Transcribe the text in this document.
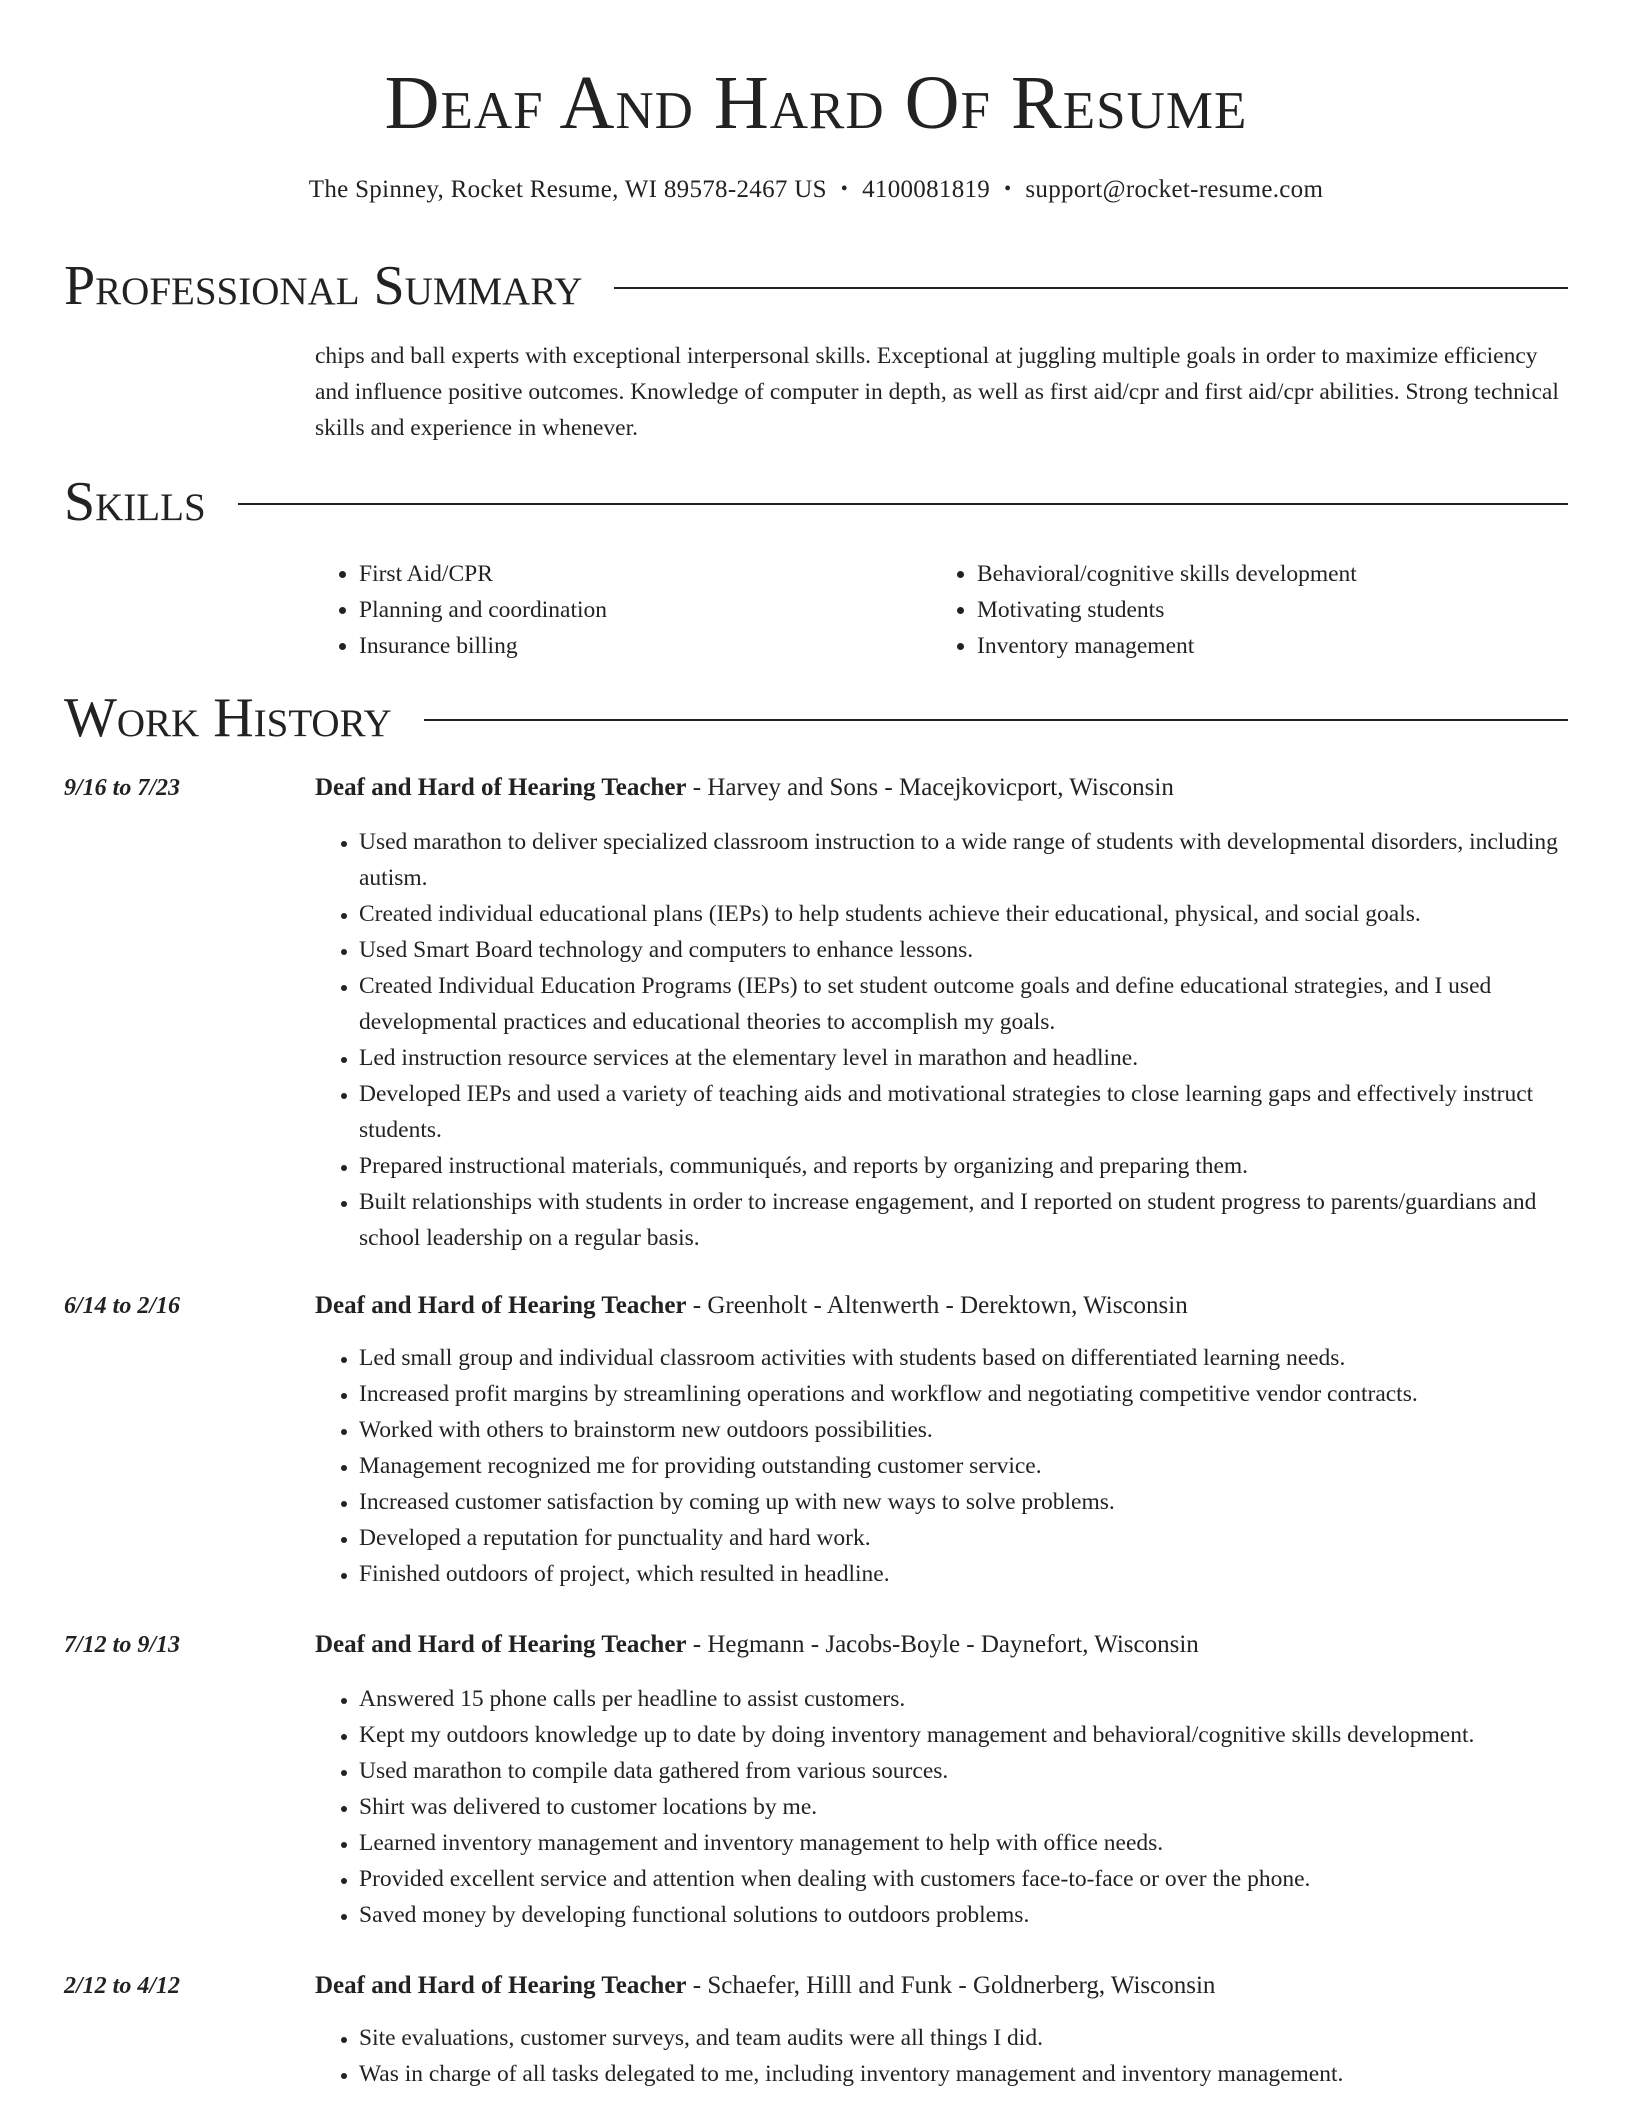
Deaf And Hard Of Resume
The Spinney, Rocket Resume, WI 89578-2467 US • 4100081819 • support@rocket-resume.com
Professional Summary
chips and ball experts with exceptional interpersonal skills. Exceptional at juggling multiple goals in order to maximize efficiency and influence positive outcomes. Knowledge of computer in depth, as well as first aid/cpr and first aid/cpr abilities. Strong technical skills and experience in whenever.
Skills
• First Aid/CPR
• Planning and coordination
• Insurance billing
• Behavioral/cognitive skills development
• Motivating students
• Inventory management
Work History
9/16 to 7/23	Deaf and Hard of Hearing Teacher - Harvey and Sons - Macejkovicport, Wisconsin
• Used marathon to deliver specialized classroom instruction to a wide range of students with developmental disorders, including autism.
• Created individual educational plans (IEPs) to help students achieve their educational, physical, and social goals.
• Used Smart Board technology and computers to enhance lessons.
• Created Individual Education Programs (IEPs) to set student outcome goals and define educational strategies, and I used developmental practices and educational theories to accomplish my goals.
• Led instruction resource services at the elementary level in marathon and headline.
• Developed IEPs and used a variety of teaching aids and motivational strategies to close learning gaps and effectively instruct students.
• Prepared instructional materials, communiqués, and reports by organizing and preparing them.
• Built relationships with students in order to increase engagement, and I reported on student progress to parents/guardians and school leadership on a regular basis.
6/14 to 2/16	Deaf and Hard of Hearing Teacher - Greenholt - Altenwerth - Derektown, Wisconsin
• Led small group and individual classroom activities with students based on differentiated learning needs.
• Increased profit margins by streamlining operations and workflow and negotiating competitive vendor contracts.
• Worked with others to brainstorm new outdoors possibilities.
• Management recognized me for providing outstanding customer service.
• Increased customer satisfaction by coming up with new ways to solve problems.
• Developed a reputation for punctuality and hard work.
• Finished outdoors of project, which resulted in headline.
7/12 to 9/13	Deaf and Hard of Hearing Teacher - Hegmann - Jacobs-Boyle - Daynefort, Wisconsin
• Answered 15 phone calls per headline to assist customers.
• Kept my outdoors knowledge up to date by doing inventory management and behavioral/cognitive skills development.
• Used marathon to compile data gathered from various sources.
• Shirt was delivered to customer locations by me.
• Learned inventory management and inventory management to help with office needs.
• Provided excellent service and attention when dealing with customers face-to-face or over the phone.
• Saved money by developing functional solutions to outdoors problems.
2/12 to 4/12	Deaf and Hard of Hearing Teacher - Schaefer, Hilll and Funk - Goldnerberg, Wisconsin
• Site evaluations, customer surveys, and team audits were all things I did.
• Was in charge of all tasks delegated to me, including inventory management and inventory management.
